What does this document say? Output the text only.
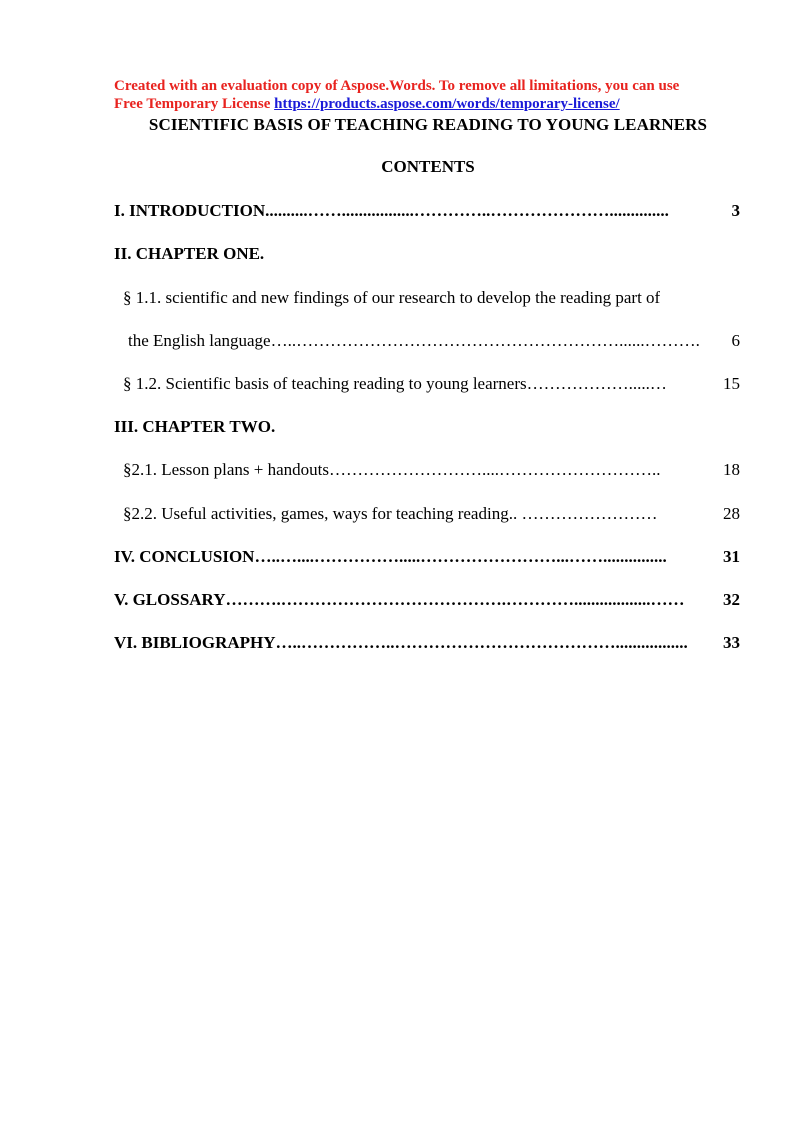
Created with an evaluation copy of Aspose.Words. To remove all limitations, you can use
Free Temporary License https://products.aspose.com/words/temporary-license/
SCIENTIFIC BASIS OF TEACHING READING TO YOUNG LEARNERS
CONTENTS
I. INTRODUCTION..........…….................…………..…………………..............	3
II. CHAPTER ONE.
§ 1.1. scientific and new findings of our research to develop the reading part of
the English language…..…………………………………………………......……….	6
§ 1.2. Scientific basis of teaching reading to young learners……………….....…	15
III. CHAPTER TWO.
§2.1. Lesson plans + handouts………………………....………………………..	18
§2.2. Useful activities, games, ways for teaching reading.. ……………………	28
IV. CONCLUSION…..…....…………….....……………………...……...............	31
V. GLOSSARY……….………………………………….…………..................……	32
VI. BIBLIOGRAPHY…..……………..………………………………….................	33
